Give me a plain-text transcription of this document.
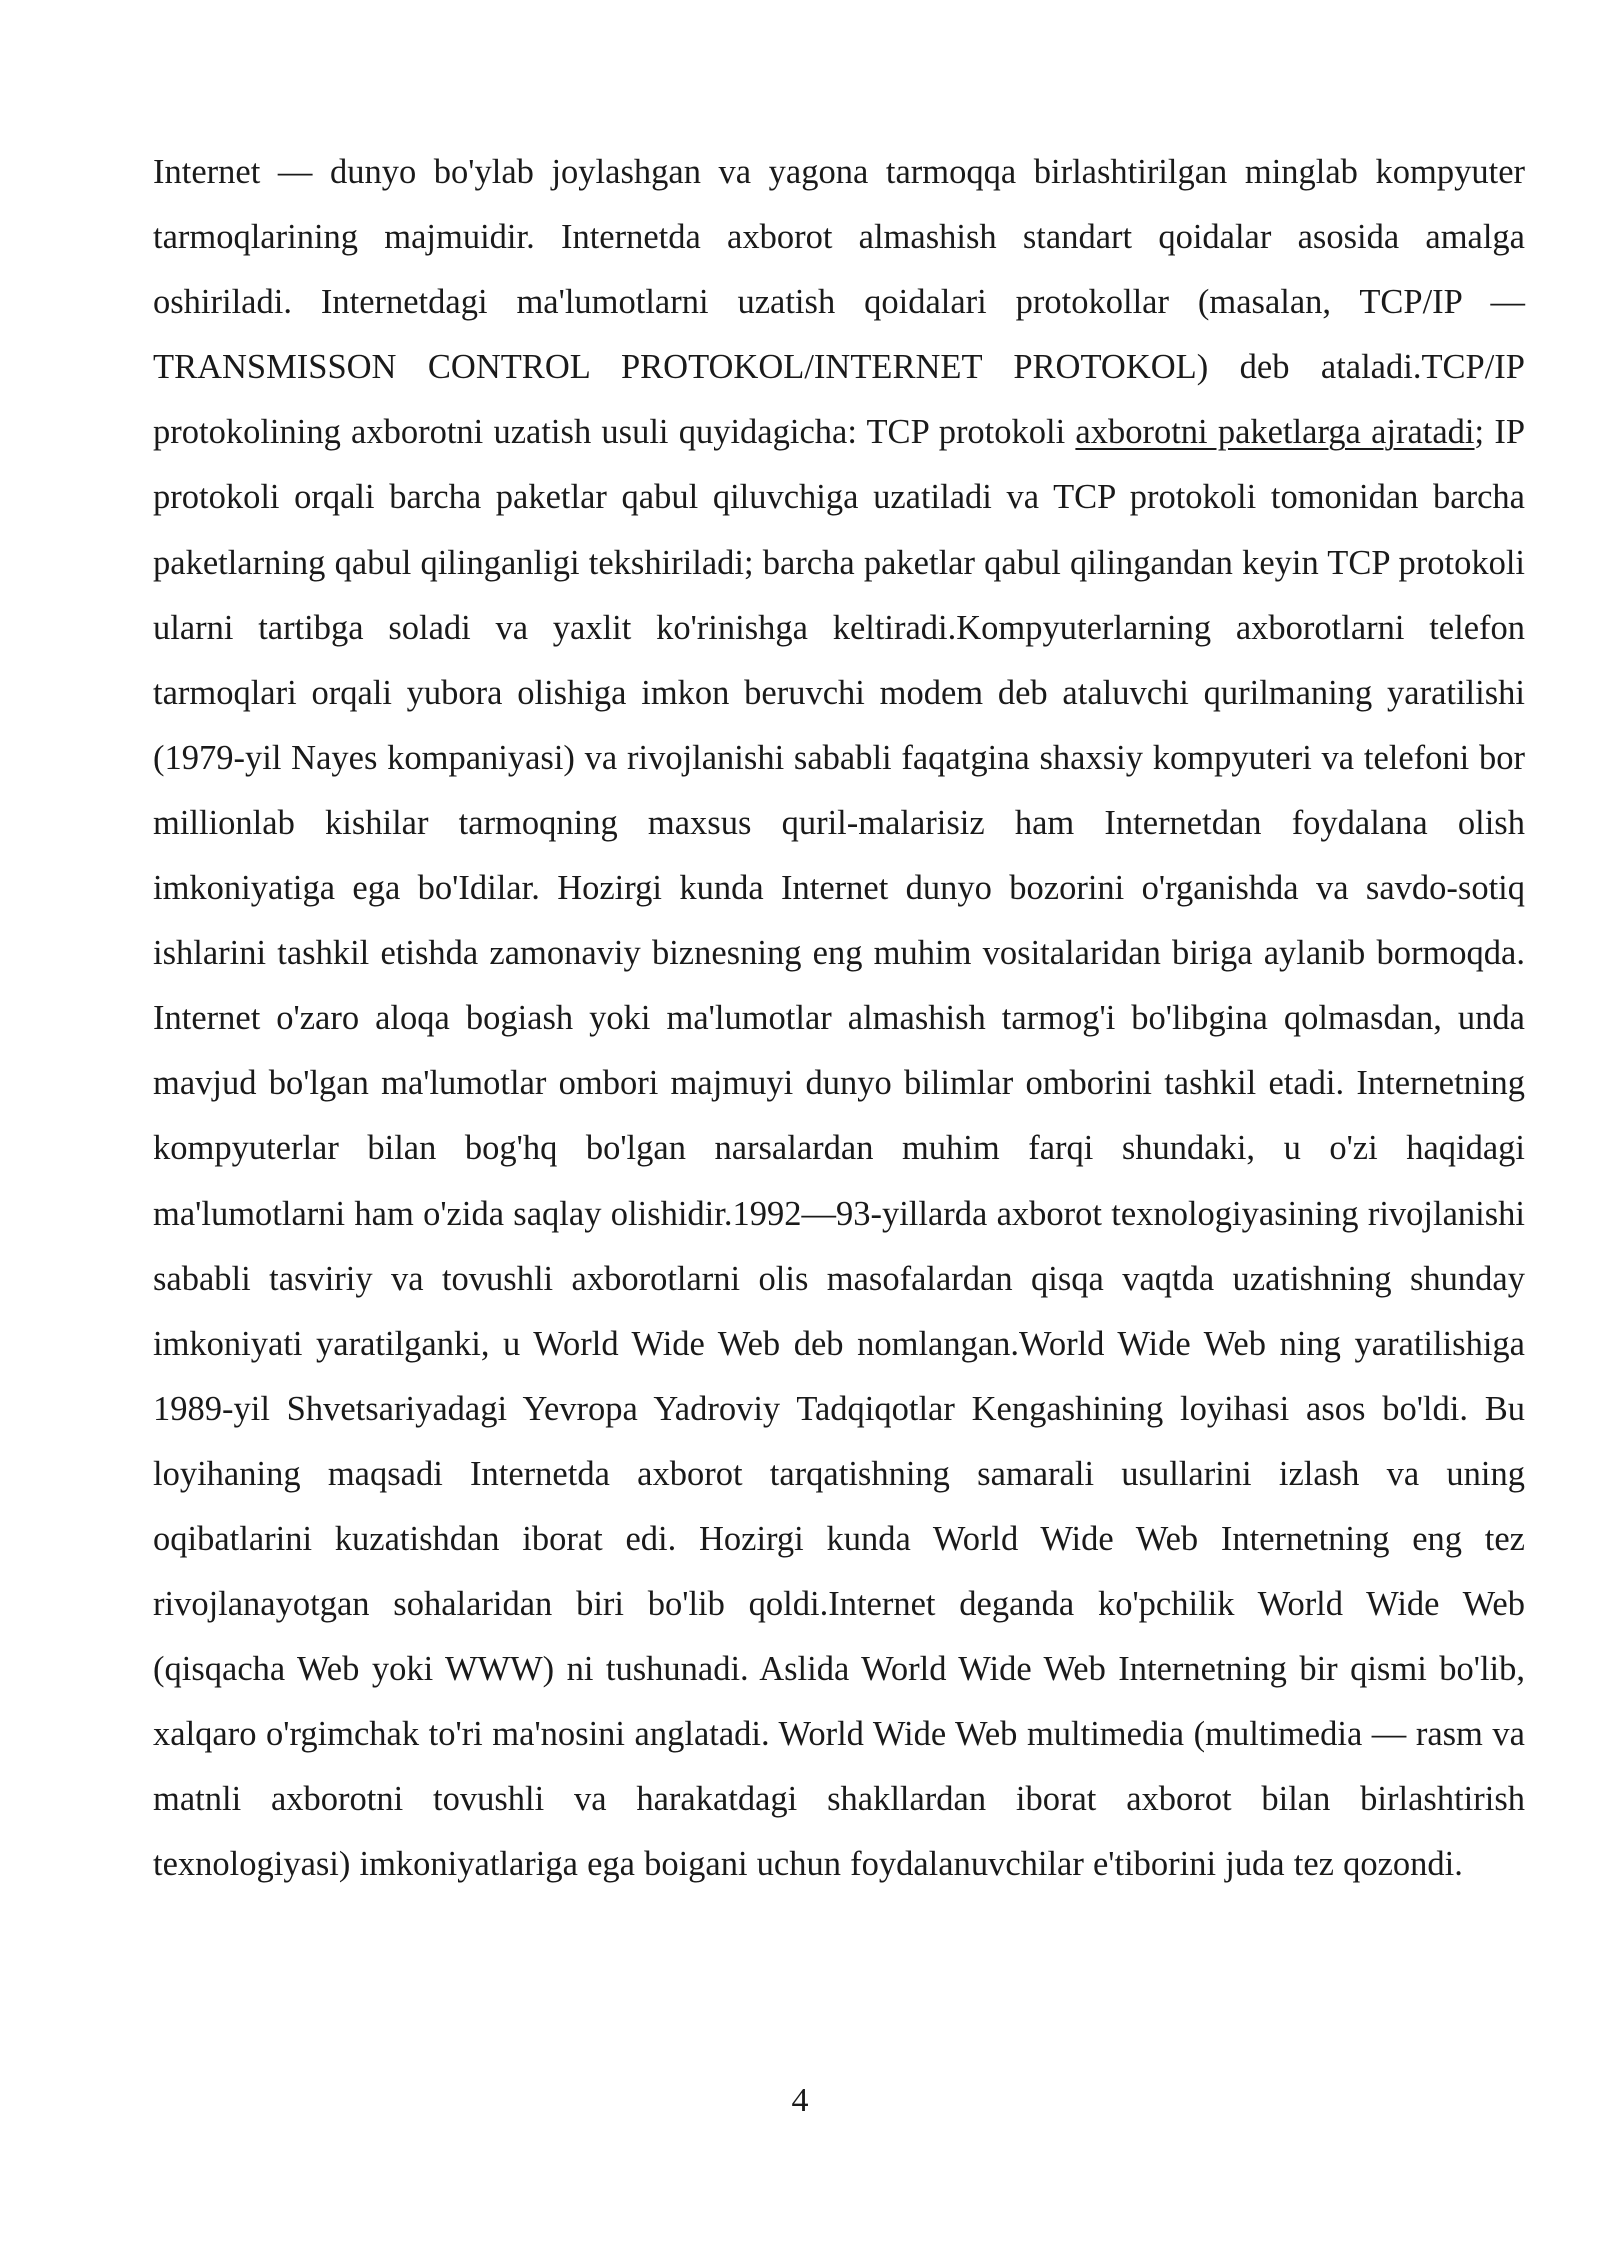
Internet — dunyo bo'ylab joylashgan va yagona tarmoqqa birlashtirilgan minglab kompyuter tarmoqlarining majmuidir. Internetda axborot almashish standart qoidalar asosida amalga oshiriladi. Internetdagi ma'lumotlarni uzatish qoidalari protokollar (masalan, TCP/IP —TRANSMISSON CONTROL PROTOKOL/INTERNET PROTOKOL) deb ataladi.TCP/IP protokolining axborotni uzatish usuli quyidagicha: TCP protokoli axborotni paketlarga ajratadi; IP protokoli orqali barcha paketlar qabul qiluvchiga uzatiladi va TCP protokoli tomonidan barcha paketlarning qabul qilinganligi tekshiriladi; barcha paketlar qabul qilingandan keyin TCP protokoli ularni tartibga soladi va yaxlit ko'rinishga keltiradi.Kompyuterlarning axborotlarni telefon tarmoqlari orqali yubora olishiga imkon beruvchi modem deb ataluvchi qurilmaning yaratilishi (1979-yil Nayes kompaniyasi) va rivojlanishi sababli faqatgina shaxsiy kompyuteri va telefoni bor millionlab kishilar tarmoqning maxsus quril-malarisiz ham Internetdan foydalana olish imkoniyatiga ega bo'Idilar. Hozirgi kunda Internet dunyo bozorini o'rganishda va savdo-sotiq ishlarini tashkil etishda zamonaviy biznesning eng muhim vositalaridan biriga aylanib bormoqda. Internet o'zaro aloqa bogiash yoki ma'lumotlar almashish tarmog'i bo'libgina qolmasdan, unda mavjud bo'lgan ma'lumotlar ombori majmuyi dunyo bilimlar omborini tashkil etadi. Internetning kompyuterlar bilan bog'hq bo'lgan narsalardan muhim farqi shundaki, u o'zi haqidagi ma'lumotlarni ham o'zida saqlay olishidir.1992—93-yillarda axborot texnologiyasining rivojlanishi sababli tasviriy va tovushli axborotlarni olis masofalardan qisqa vaqtda uzatishning shunday imkoniyati yaratilganki, u World Wide Web deb nomlangan.World Wide Web ning yaratilishiga 1989-yil Shvetsariyadagi Yevropa Yadroviy Tadqiqotlar Kengashining loyihasi asos bo'ldi. Bu loyihaning maqsadi Internetda axborot tarqatishning samarali usullarini izlash va uning oqibatlarini kuzatishdan iborat edi. Hozirgi kunda World Wide Web Internetning eng tez rivojlanayotgan sohalaridan biri bo'lib qoldi.Internet deganda ko'pchilik World Wide Web (qisqacha Web yoki WWW) ni tushunadi. Aslida World Wide Web Internetning bir qismi bo'lib, xalqaro o'rgimchak to'ri ma'nosini anglatadi. World Wide Web multimedia (multimedia — rasm va matnli axborotni tovushli va harakatdagi shakllardan iborat axborot bilan birlashtirish texnologiyasi) imkoniyatlariga ega boigani uchun foydalanuvchilar e'tiborini juda tez qozondi.

4
